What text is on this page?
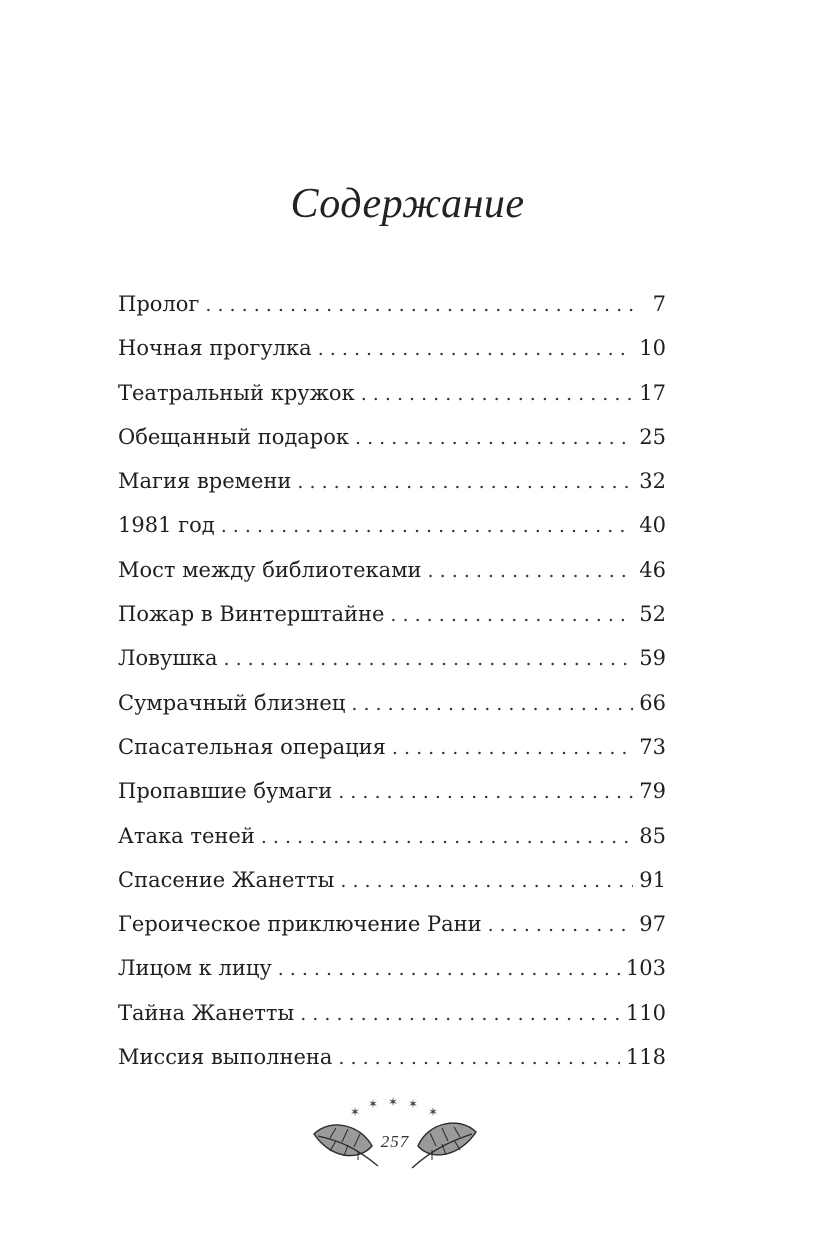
Содержание
Пролог . . .	7
Ночная прогулка . . .	10
Театральный кружок . . .	17
Обещанный подарок . . .	25
Магия времени . . .	32
1981 год . . .	40
Мост между библиотеками . . .	46
Пожар в Винтерштайне . . .	52
Ловушка . . .	59
Сумрачный близнец . . .	66
Спасательная операция . . .	73
Пропавшие бумаги . . .	79
Атака теней . . .	85
Спасение Жанетты . . .	91
Героическое приключение Рани . . .	97
Лицом к лицу . . .	103
Тайна Жанетты . . .	110
Миссия выполнена . . .	118
✶
✶ ✶ ✶
✶
257
